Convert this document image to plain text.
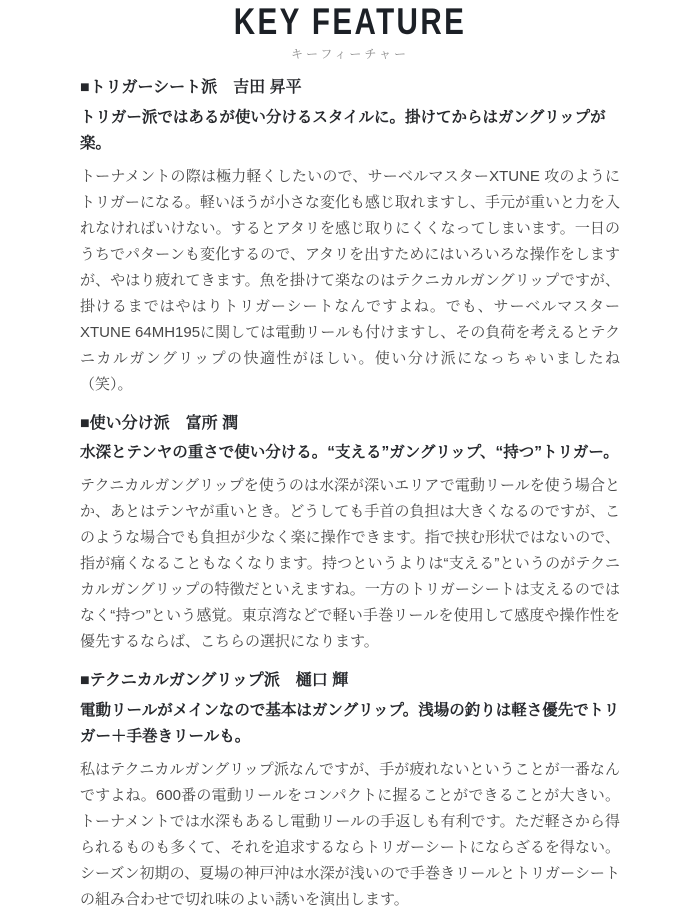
KEY FEATURE
キーフィーチャー
■トリガーシート派　吉田 昇平

トリガー派ではあるが使い分けるスタイルに。掛けてからはガングリップが楽。

トーナメントの際は極力軽くしたいので、サーベルマスターXTUNE 攻のようにトリガーになる。軽いほうが小さな変化も感じ取れますし、手元が重いと力を入れなければいけない。するとアタリを感じ取りにくくなってしまいます。一日のうちでパターンも変化するので、アタリを出すためにはいろいろな操作をしますが、やはり疲れてきます。魚を掛けて楽なのはテクニカルガングリップですが、掛けるまではやはりトリガーシートなんですよね。でも、サーベルマスターXTUNE 64MH195に関しては電動リールも付けますし、その負荷を考えるとテクニカルガングリップの快適性がほしい。使い分け派になっちゃいましたね（笑）。

■使い分け派　富所 潤

水深とテンヤの重さで使い分ける。“支える”ガングリップ、“持つ”トリガー。

テクニカルガングリップを使うのは水深が深いエリアで電動リールを使う場合とか、あとはテンヤが重いとき。どうしても手首の負担は大きくなるのですが、このような場合でも負担が少なく楽に操作できます。指で挟む形状ではないので、指が痛くなることもなくなります。持つというよりは“支える”というのがテクニカルガングリップの特徴だといえますね。一方のトリガーシートは支えるのではなく“持つ”という感覚。東京湾などで軽い手巻リールを使用して感度や操作性を優先するならば、こちらの選択になります。

■テクニカルガングリップ派　樋口 輝

電動リールがメインなので基本はガングリップ。浅場の釣りは軽さ優先でトリガー＋手巻きリールも。

私はテクニカルガングリップ派なんですが、手が疲れないということが一番なんですよね。600番の電動リールをコンパクトに握ることができることが大きい。トーナメントでは水深もあるし電動リールの手返しも有利です。ただ軽さから得られるものも多くて、それを追求するならトリガーシートにならざるを得ない。シーズン初期の、夏場の神戸沖は水深が浅いので手巻きリールとトリガーシートの組み合わせで切れ味のよい誘いを演出します。
